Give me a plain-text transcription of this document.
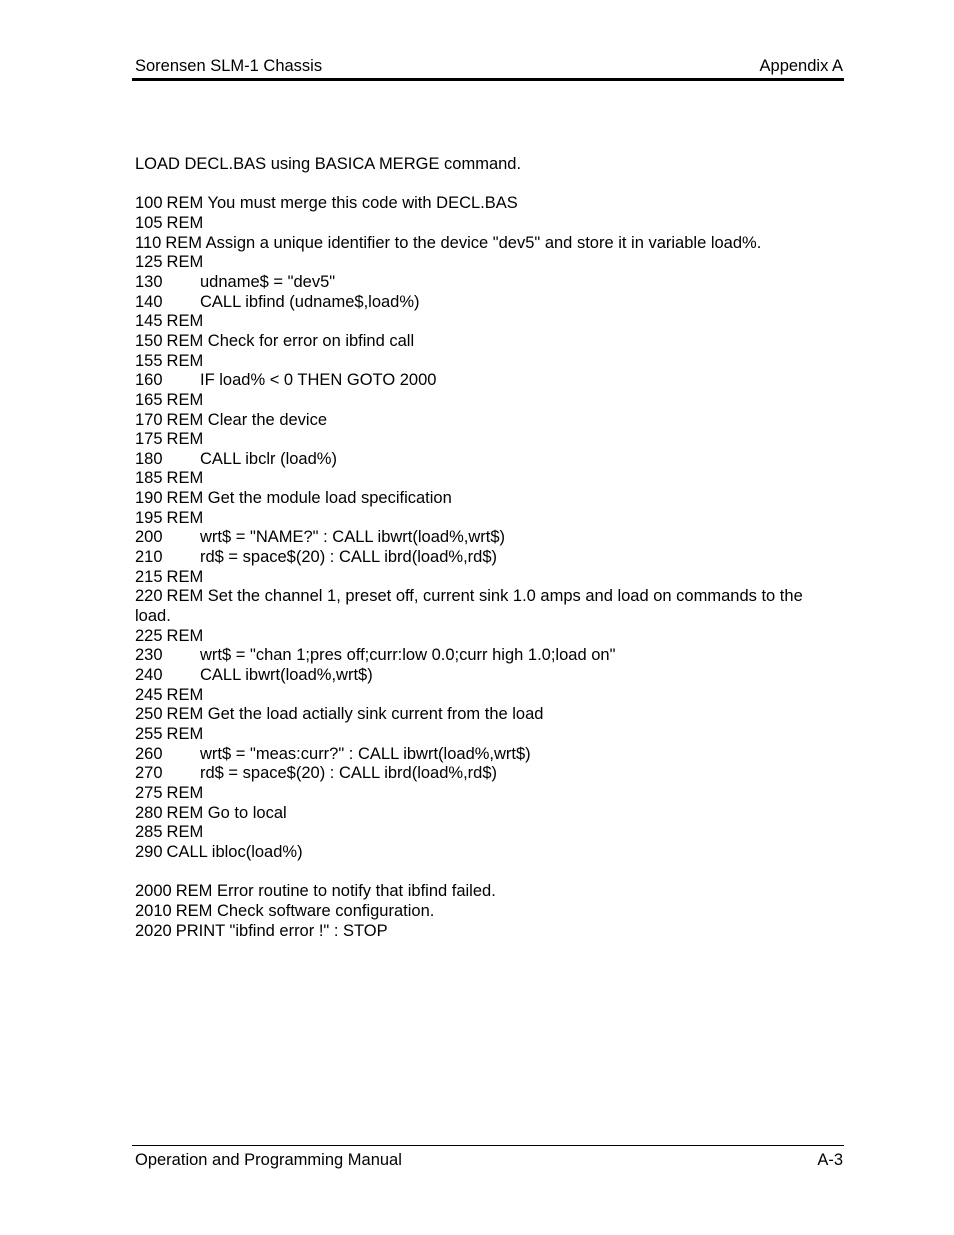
Sorensen SLM-1 Chassis	Appendix A

LOAD DECL.BAS using BASICA MERGE command.

100 REM You must merge this code with DECL.BAS
105 REM
110 REM Assign a unique identifier to the device "dev5" and store it in variable load%.
125 REM
130 udname$ = "dev5"
140 CALL ibfind (udname$,load%)
145 REM
150 REM Check for error on ibfind call
155 REM
160 IF load% < 0 THEN GOTO 2000
165 REM
170 REM Clear the device
175 REM
180 CALL ibclr (load%)
185 REM
190 REM Get the module load specification
195 REM
200 wrt$ = "NAME?" : CALL ibwrt(load%,wrt$)
210 rd$ = space$(20) : CALL ibrd(load%,rd$)
215 REM
220 REM Set the channel 1, preset off, current sink 1.0 amps and load on commands to the load.
225 REM
230 wrt$ = "chan 1;pres off;curr:low 0.0;curr high 1.0;load on"
240 CALL ibwrt(load%,wrt$)
245 REM
250 REM Get the load actially sink current from the load
255 REM
260 wrt$ = "meas:curr?" : CALL ibwrt(load%,wrt$)
270 rd$ = space$(20) : CALL ibrd(load%,rd$)
275 REM
280 REM Go to local
285 REM
290 CALL ibloc(load%)
2000 REM Error routine to notify that ibfind failed.
2010 REM Check software configuration.
2020 PRINT "ibfind error !" : STOP
Operation and Programming Manual	A-3
